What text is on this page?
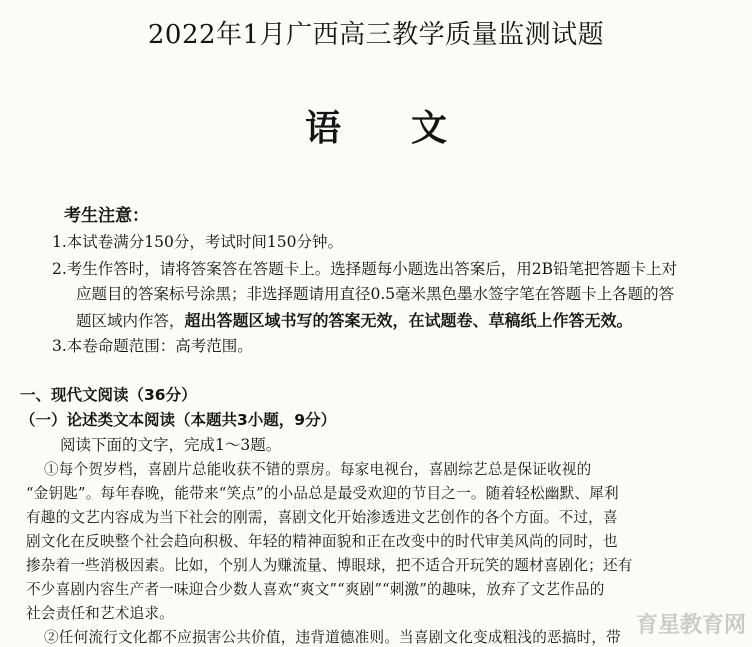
2022年1月广西高三教学质量监测试题
语文
考生注意：
1.本试卷满分150分，考试时间150分钟。
2.考生作答时，请将答案答在答题卡上。选择题每小题选出答案后，用2B铅笔把答题卡上对
应题目的答案标号涂黑；非选择题请用直径0.5毫米黑色墨水签字笔在答题卡上各题的答
题区域内作答，超出答题区域书写的答案无效，在试题卷、草稿纸上作答无效。
3.本卷命题范围：高考范围。
一、现代文阅读（36分）
（一）论述类文本阅读（本题共3小题，9分）
阅读下面的文字，完成1～3题。
①每个贺岁档，喜剧片总能收获不错的票房。每家电视台，喜剧综艺总是保证收视的
“金钥匙”。每年春晚，能带来“笑点”的小品总是最受欢迎的节目之一。随着轻松幽默、犀利
有趣的文艺内容成为当下社会的刚需，喜剧文化开始渗透进文艺创作的各个方面。不过，喜
剧文化在反映整个社会趋向积极、年轻的精神面貌和正在改变中的时代审美风尚的同时，也
掺杂着一些消极因素。比如，个别人为赚流量、博眼球，把不适合开玩笑的题材喜剧化；还有
不少喜剧内容生产者一味迎合少数人喜欢“爽文”“爽剧”“刺激”的趣味，放弃了文艺作品的
社会责任和艺术追求。
②任何流行文化都不应损害公共价值，违背道德准则。当喜剧文化变成粗浅的恶搞时，带 育星教育网
